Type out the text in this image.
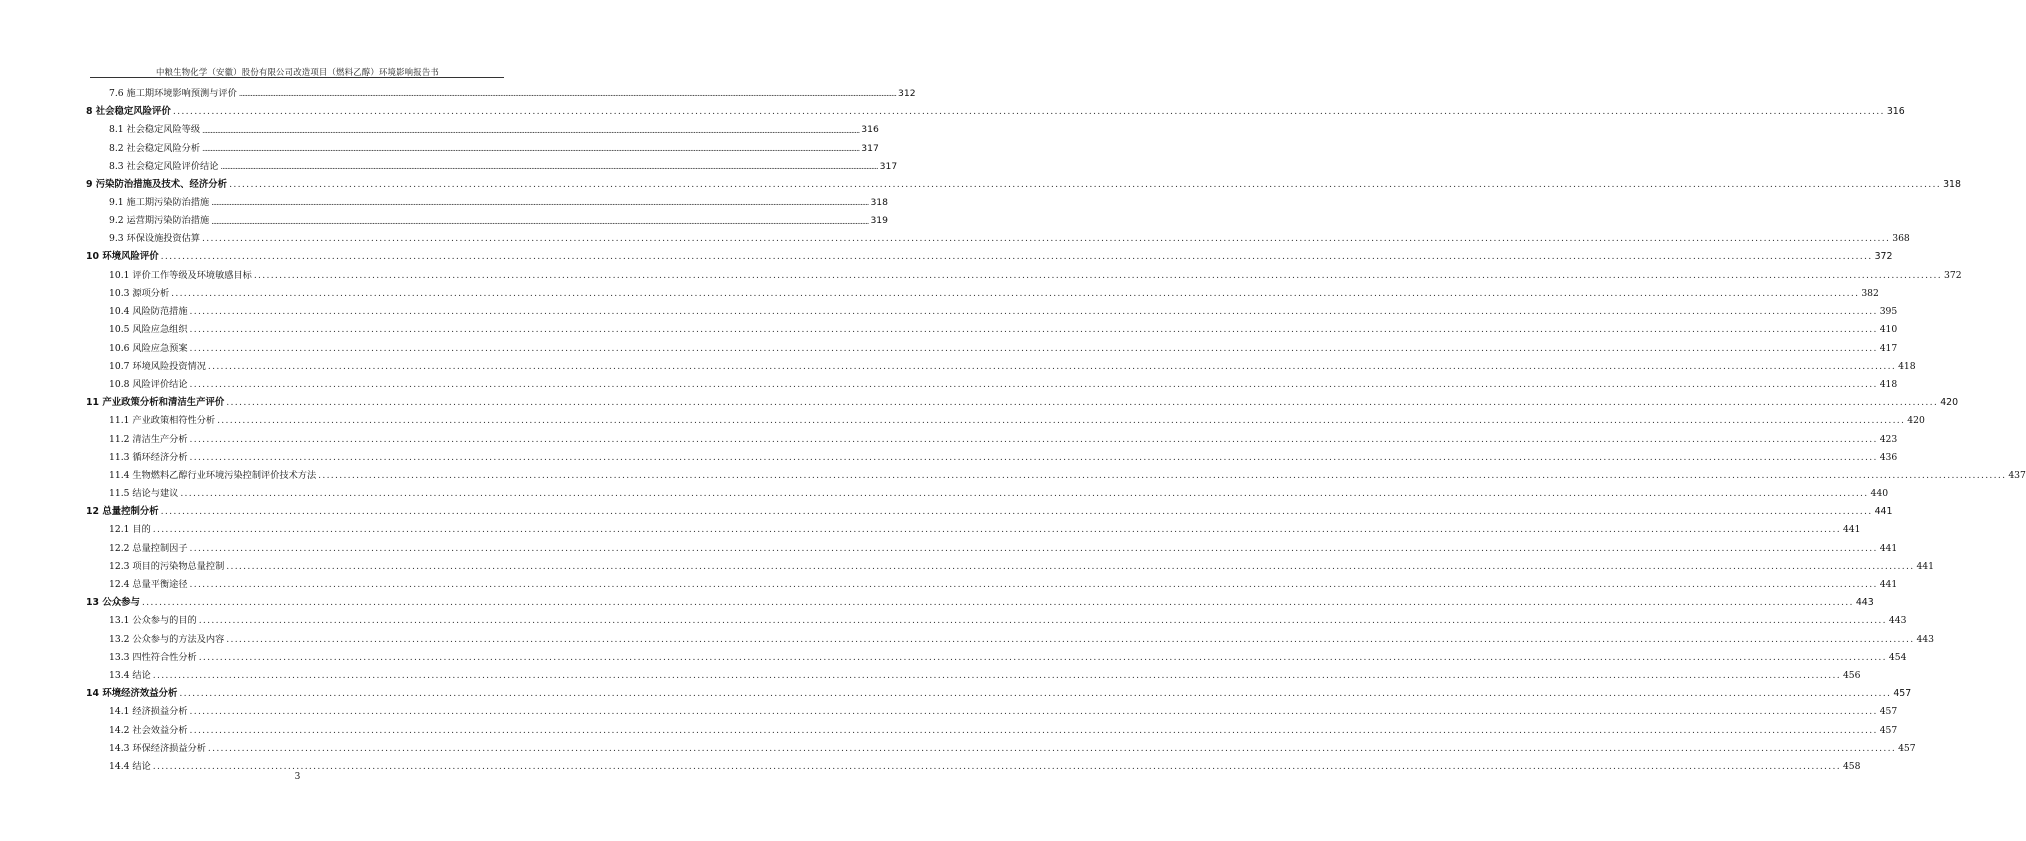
中粮生物化学（安徽）股份有限公司改造项目（燃料乙醇）环境影响报告书
7.6 施工期环境影响预测与评价 ................................................................................................................................................................................................................................................................................................................................................................................................................ 312
8 社会稳定风险评价 ................................................................................................................................................................................................................................................................................................................................................................................................................ 316
8.1 社会稳定风险等级 ................................................................................................................................................................................................................................................................................................................................................................................................................ 316
8.2 社会稳定风险分析 ................................................................................................................................................................................................................................................................................................................................................................................................................ 317
8.3 社会稳定风险评价结论 ................................................................................................................................................................................................................................................................................................................................................................................................................ 317
9 污染防治措施及技术、经济分析 ................................................................................................................................................................................................................................................................................................................................................................................................................ 318
9.1 施工期污染防治措施 ................................................................................................................................................................................................................................................................................................................................................................................................................ 318
9.2 运营期污染防治措施 ................................................................................................................................................................................................................................................................................................................................................................................................................ 319
9.3 环保设施投资估算 ................................................................................................................................................................................................................................................................................................................................................................................................................ 368
10 环境风险评价 ................................................................................................................................................................................................................................................................................................................................................................................................................ 372
10.1 评价工作等级及环境敏感目标 ................................................................................................................................................................................................................................................................................................................................................................................................................ 372
10.3 源项分析 ................................................................................................................................................................................................................................................................................................................................................................................................................ 382
10.4 风险防范措施 ................................................................................................................................................................................................................................................................................................................................................................................................................ 395
10.5 风险应急组织 ................................................................................................................................................................................................................................................................................................................................................................................................................ 410
10.6 风险应急预案 ................................................................................................................................................................................................................................................................................................................................................................................................................ 417
10.7 环境风险投资情况 ................................................................................................................................................................................................................................................................................................................................................................................................................ 418
10.8 风险评价结论 ................................................................................................................................................................................................................................................................................................................................................................................................................ 418
11 产业政策分析和清洁生产评价 ................................................................................................................................................................................................................................................................................................................................................................................................................ 420
11.1 产业政策相符性分析 ................................................................................................................................................................................................................................................................................................................................................................................................................ 420
11.2 清洁生产分析 ................................................................................................................................................................................................................................................................................................................................................................................................................ 423
11.3 循环经济分析 ................................................................................................................................................................................................................................................................................................................................................................................................................ 436
11.4 生物燃料乙醇行业环境污染控制评价技术方法 ................................................................................................................................................................................................................................................................................................................................................................................................................ 437
11.5 结论与建议 ................................................................................................................................................................................................................................................................................................................................................................................................................ 440
12 总量控制分析 ................................................................................................................................................................................................................................................................................................................................................................................................................ 441
12.1 目的 ................................................................................................................................................................................................................................................................................................................................................................................................................ 441
12.2 总量控制因子 ................................................................................................................................................................................................................................................................................................................................................................................................................ 441
12.3 项目的污染物总量控制 ................................................................................................................................................................................................................................................................................................................................................................................................................ 441
12.4 总量平衡途径 ................................................................................................................................................................................................................................................................................................................................................................................................................ 441
13 公众参与 ................................................................................................................................................................................................................................................................................................................................................................................................................ 443
13.1 公众参与的目的 ................................................................................................................................................................................................................................................................................................................................................................................................................ 443
13.2 公众参与的方法及内容 ................................................................................................................................................................................................................................................................................................................................................................................................................ 443
13.3 四性符合性分析 ................................................................................................................................................................................................................................................................................................................................................................................................................ 454
13.4 结论 ................................................................................................................................................................................................................................................................................................................................................................................................................ 456
14 环境经济效益分析 ................................................................................................................................................................................................................................................................................................................................................................................................................ 457
14.1 经济损益分析 ................................................................................................................................................................................................................................................................................................................................................................................................................ 457
14.2 社会效益分析 ................................................................................................................................................................................................................................................................................................................................................................................................................ 457
14.3 环保经济损益分析 ................................................................................................................................................................................................................................................................................................................................................................................................................ 457
14.4 结论 ................................................................................................................................................................................................................................................................................................................................................................................................................ 458
3
